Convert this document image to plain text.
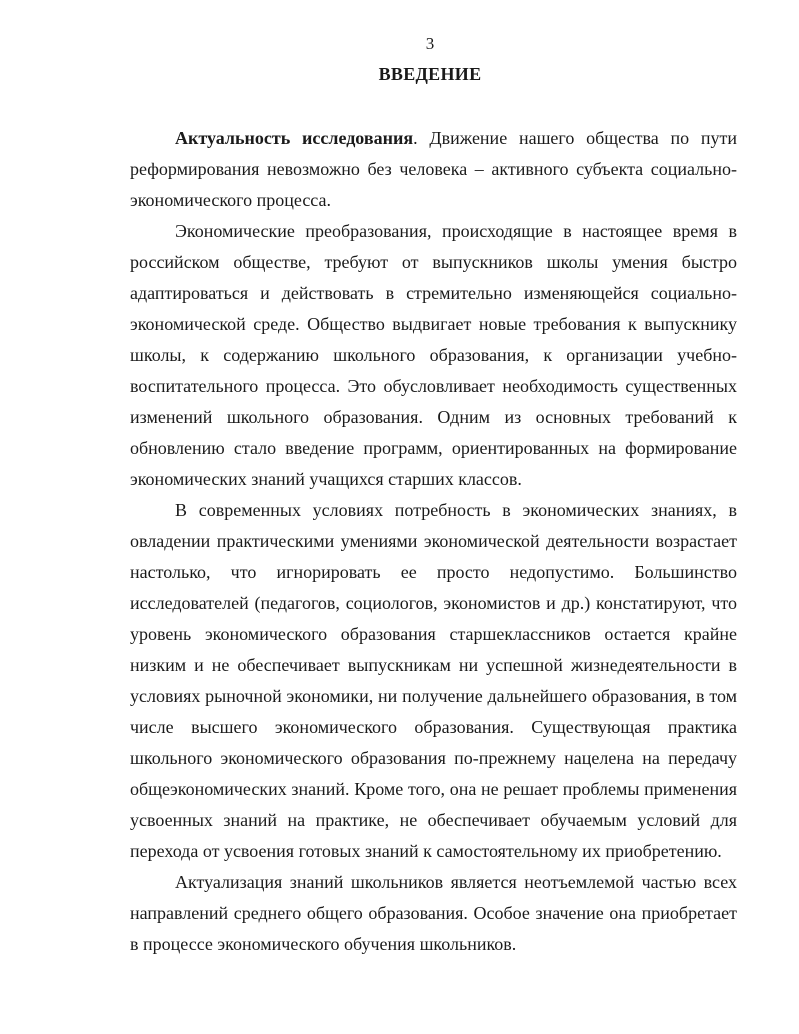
3
ВВЕДЕНИЕ

Актуальность исследования. Движение нашего общества по пути реформирования невозможно без человека – активного субъекта социально-экономического процесса.

Экономические преобразования, происходящие в настоящее время в российском обществе, требуют от выпускников школы умения быстро адаптироваться и действовать в стремительно изменяющейся социально-экономической среде. Общество выдвигает новые требования к выпускнику школы, к содержанию школьного образования, к организации учебно-воспитательного процесса. Это обусловливает необходимость существенных изменений школьного образования. Одним из основных требований к обновлению стало введение программ, ориентированных на формирование экономических знаний учащихся старших классов.

В современных условиях потребность в экономических знаниях, в овладении практическими умениями экономической деятельности возрастает настолько, что игнорировать ее просто недопустимо. Большинство исследователей (педагогов, социологов, экономистов и др.) констатируют, что уровень экономического образования старшеклассников остается крайне низким и не обеспечивает выпускникам ни успешной жизнедеятельности в условиях рыночной экономики, ни получение дальнейшего образования, в том числе высшего экономического образования. Существующая практика школьного экономического образования по-прежнему нацелена на передачу общеэкономических знаний. Кроме того, она не решает проблемы применения усвоенных знаний на практике, не обеспечивает обучаемым условий для перехода от усвоения готовых знаний к самостоятельному их приобретению.

Актуализация знаний школьников является неотъемлемой частью всех направлений среднего общего образования. Особое значение она приобретает в процессе экономического обучения школьников.
